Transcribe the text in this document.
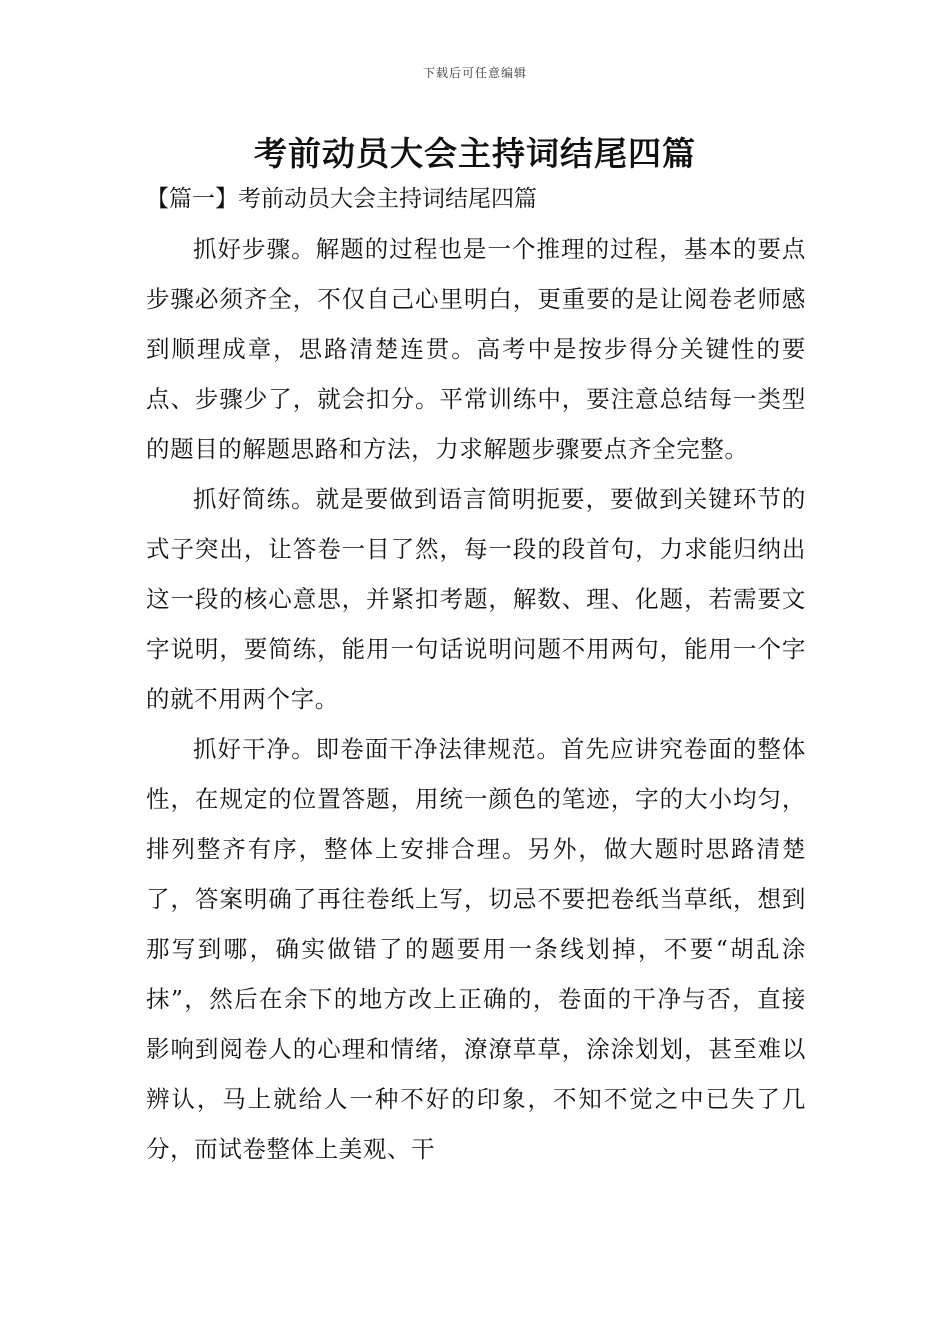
下载后可任意编辑
考前动员大会主持词结尾四篇
【篇一】考前动员大会主持词结尾四篇

抓好步骤。解题的过程也是一个推理的过程，基本的要点步骤必须齐全，不仅自己心里明白，更重要的是让阅卷老师感到顺理成章，思路清楚连贯。高考中是按步得分关键性的要点、步骤少了，就会扣分。平常训练中，要注意总结每一类型的题目的解题思路和方法，力求解题步骤要点齐全完整。

抓好简练。就是要做到语言简明扼要，要做到关键环节的式子突出，让答卷一目了然，每一段的段首句，力求能归纳出这一段的核心意思，并紧扣考题，解数、理、化题，若需要文字说明，要简练，能用一句话说明问题不用两句，能用一个字的就不用两个字。

抓好干净。即卷面干净法律规范。首先应讲究卷面的整体性，在规定的位置答题，用统一颜色的笔迹，字的大小均匀，排列整齐有序，整体上安排合理。另外，做大题时思路清楚了，答案明确了再往卷纸上写，切忌不要把卷纸当草纸，想到那写到哪，确实做错了的题要用一条线划掉，不要“胡乱涂抹”，然后在余下的地方改上正确的，卷面的干净与否，直接影响到阅卷人的心理和情绪，潦潦草草，涂涂划划，甚至难以辨认，马上就给人一种不好的印象，不知不觉之中已失了几分，而试卷整体上美观、干
